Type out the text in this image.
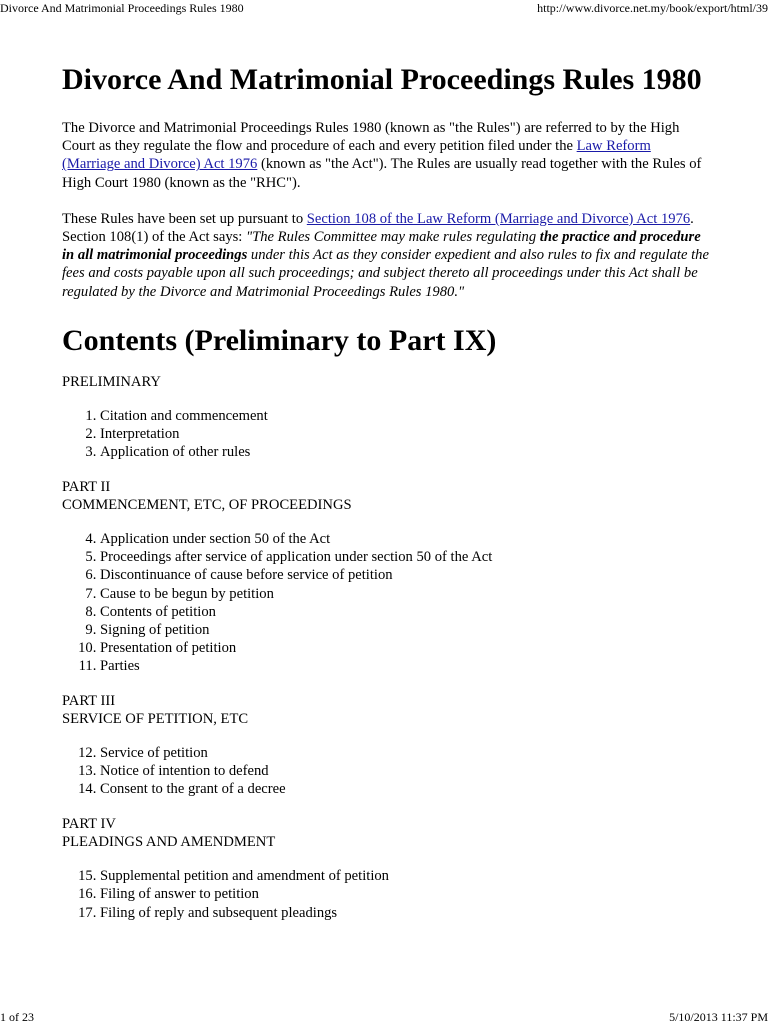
Divorce And Matrimonial Proceedings Rules 1980	http://www.divorce.net.my/book/export/html/39
Divorce And Matrimonial Proceedings Rules 1980

The Divorce and Matrimonial Proceedings Rules 1980 (known as "the Rules") are referred to by the High Court as they regulate the flow and procedure of each and every petition filed under the Law Reform (Marriage and Divorce) Act 1976 (known as "the Act"). The Rules are usually read together with the Rules of High Court 1980 (known as the "RHC").

These Rules have been set up pursuant to Section 108 of the Law Reform (Marriage and Divorce) Act 1976. Section 108(1) of the Act says: "The Rules Committee may make rules regulating the practice and procedure in all matrimonial proceedings under this Act as they consider expedient and also rules to fix and regulate the fees and costs payable upon all such proceedings; and subject thereto all proceedings under this Act shall be regulated by the Divorce and Matrimonial Proceedings Rules 1980."

Contents (Preliminary to Part IX)
PRELIMINARY
1. Citation and commencement
2. Interpretation
3. Application of other rules
PART II
COMMENCEMENT, ETC, OF PROCEEDINGS
4. Application under section 50 of the Act
5. Proceedings after service of application under section 50 of the Act
6. Discontinuance of cause before service of petition
7. Cause to be begun by petition
8. Contents of petition
9. Signing of petition
10. Presentation of petition
11. Parties
PART III
SERVICE OF PETITION, ETC
12. Service of petition
13. Notice of intention to defend
14. Consent to the grant of a decree
PART IV
PLEADINGS AND AMENDMENT
15. Supplemental petition and amendment of petition
16. Filing of answer to petition
17. Filing of reply and subsequent pleadings
1 of 23	5/10/2013 11:37 PM
